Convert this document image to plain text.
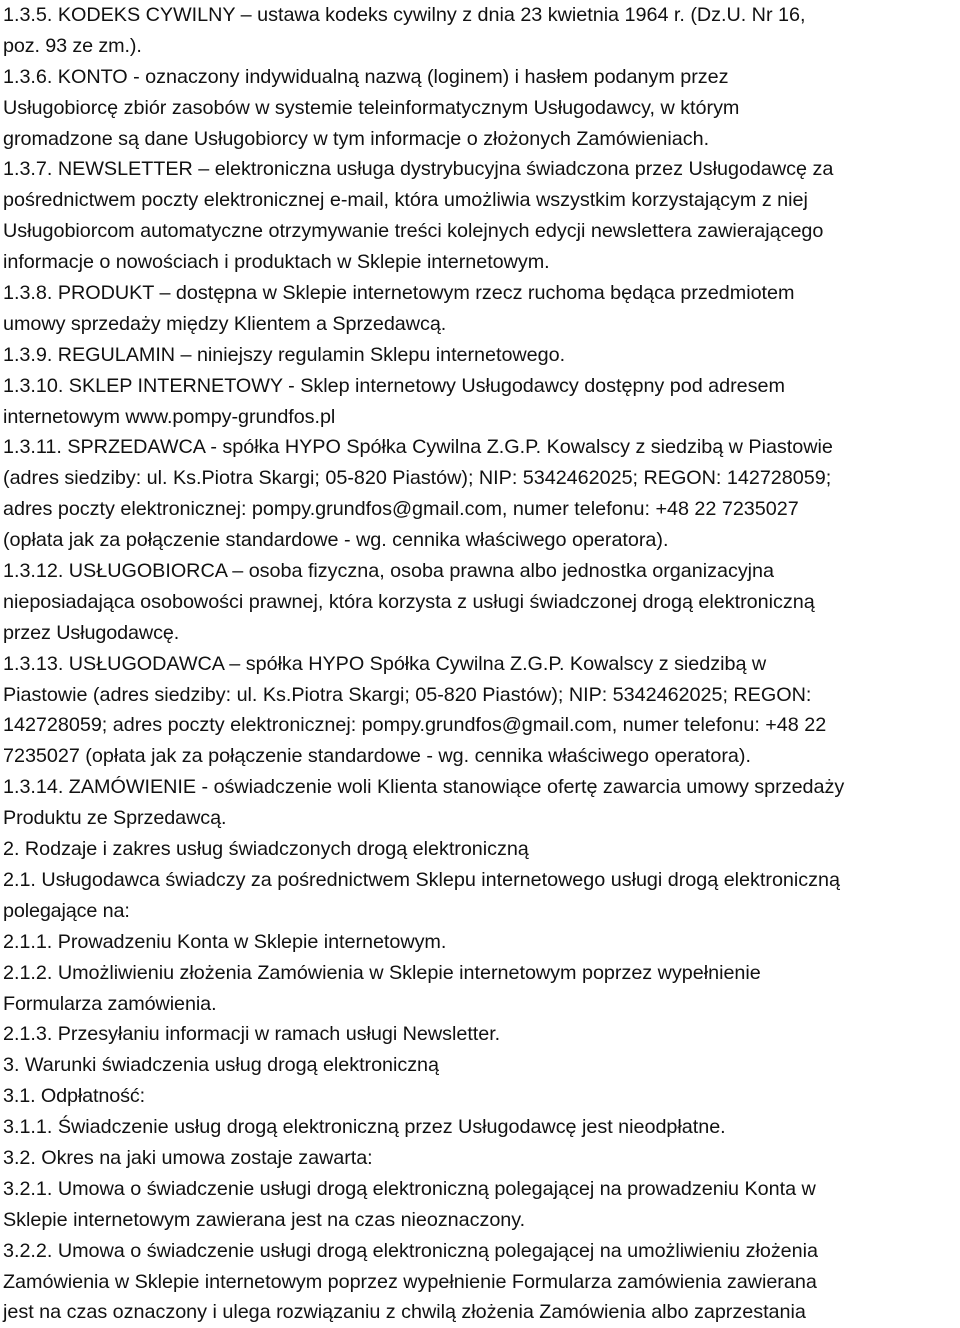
1.3.5. KODEKS CYWILNY – ustawa kodeks cywilny z dnia 23 kwietnia 1964 r. (Dz.U. Nr 16,
poz. 93 ze zm.).
1.3.6. KONTO - oznaczony indywidualną nazwą (loginem) i hasłem podanym przez
Usługobiorcę zbiór zasobów w systemie teleinformatycznym Usługodawcy, w którym
gromadzone są dane Usługobiorcy w tym informacje o złożonych Zamówieniach.
1.3.7. NEWSLETTER – elektroniczna usługa dystrybucyjna świadczona przez Usługodawcę za
pośrednictwem poczty elektronicznej e-mail, która umożliwia wszystkim korzystającym z niej
Usługobiorcom automatyczne otrzymywanie treści kolejnych edycji newslettera zawierającego
informacje o nowościach i produktach w Sklepie internetowym.
1.3.8. PRODUKT – dostępna w Sklepie internetowym rzecz ruchoma będąca przedmiotem
umowy sprzedaży między Klientem a Sprzedawcą.
1.3.9. REGULAMIN – niniejszy regulamin Sklepu internetowego.
1.3.10. SKLEP INTERNETOWY - Sklep internetowy Usługodawcy dostępny pod adresem
internetowym www.pompy-grundfos.pl
1.3.11. SPRZEDAWCA - spółka HYPO Spółka Cywilna Z.G.P. Kowalscy z siedzibą w Piastowie
(adres siedziby: ul. Ks.Piotra Skargi; 05-820 Piastów); NIP: 5342462025; REGON: 142728059;
adres poczty elektronicznej: pompy.grundfos@gmail.com, numer telefonu: +48 22 7235027
(opłata jak za połączenie standardowe - wg. cennika właściwego operatora).
1.3.12. USŁUGOBIORCA – osoba fizyczna, osoba prawna albo jednostka organizacyjna
nieposiadająca osobowości prawnej, która korzysta z usługi świadczonej drogą elektroniczną
przez Usługodawcę.
1.3.13. USŁUGODAWCA – spółka HYPO Spółka Cywilna Z.G.P. Kowalscy z siedzibą w
Piastowie (adres siedziby: ul. Ks.Piotra Skargi; 05-820 Piastów); NIP: 5342462025; REGON:
142728059; adres poczty elektronicznej: pompy.grundfos@gmail.com, numer telefonu: +48 22
7235027 (opłata jak za połączenie standardowe - wg. cennika właściwego operatora).
1.3.14. ZAMÓWIENIE - oświadczenie woli Klienta stanowiące ofertę zawarcia umowy sprzedaży
Produktu ze Sprzedawcą.
2. Rodzaje i zakres usług świadczonych drogą elektroniczną
2.1. Usługodawca świadczy za pośrednictwem Sklepu internetowego usługi drogą elektroniczną
polegające na:
2.1.1. Prowadzeniu Konta w Sklepie internetowym.
2.1.2. Umożliwieniu złożenia Zamówienia w Sklepie internetowym poprzez wypełnienie
Formularza zamówienia.
2.1.3. Przesyłaniu informacji w ramach usługi Newsletter.
3. Warunki świadczenia usług drogą elektroniczną
3.1. Odpłatność:
3.1.1. Świadczenie usług drogą elektroniczną przez Usługodawcę jest nieodpłatne.
3.2. Okres na jaki umowa zostaje zawarta:
3.2.1. Umowa o świadczenie usługi drogą elektroniczną polegającej na prowadzeniu Konta w
Sklepie internetowym zawierana jest na czas nieoznaczony.
3.2.2. Umowa o świadczenie usługi drogą elektroniczną polegającej na umożliwieniu złożenia
Zamówienia w Sklepie internetowym poprzez wypełnienie Formularza zamówienia zawierana
jest na czas oznaczony i ulega rozwiązaniu z chwilą złożenia Zamówienia albo zaprzestania
